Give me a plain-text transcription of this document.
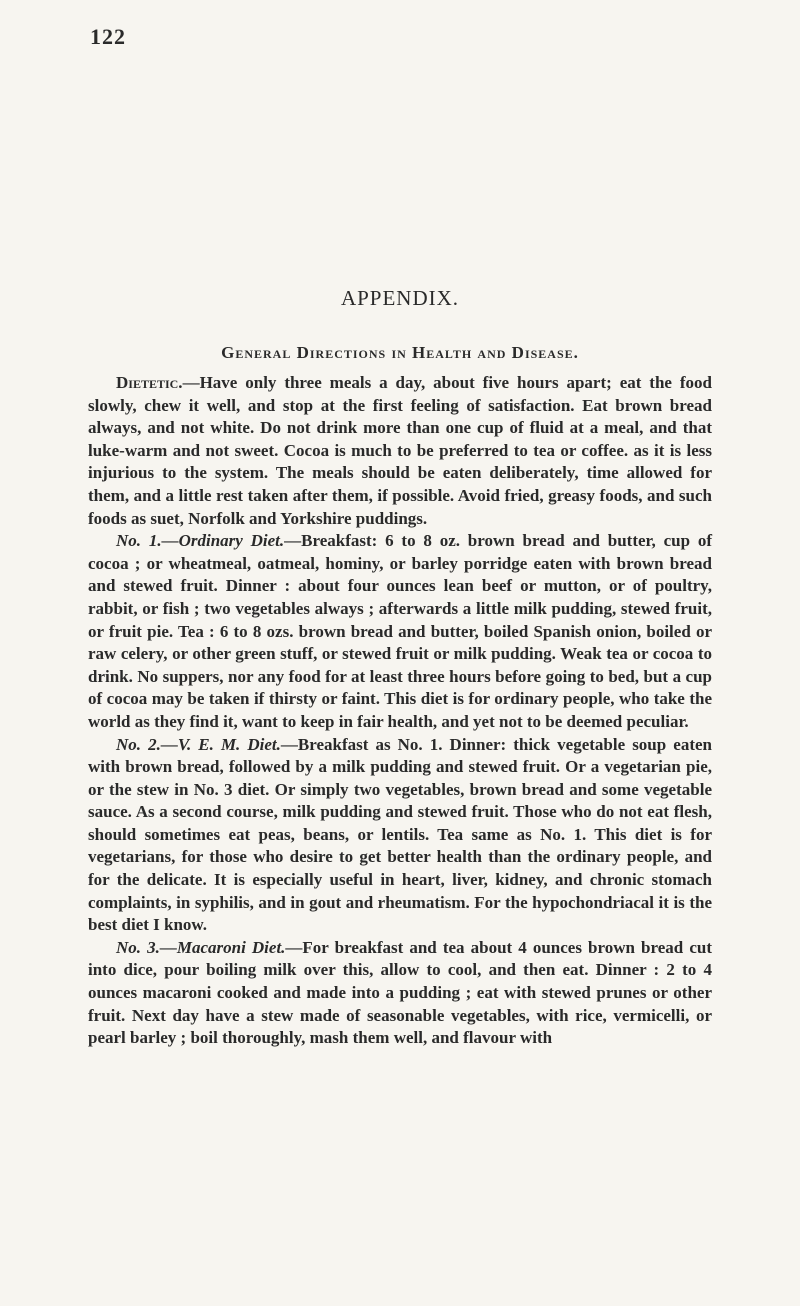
122
APPENDIX.
General Directions in Health and Disease.

Dietetic.—Have only three meals a day, about five hours apart; eat the food slowly, chew it well, and stop at the first feeling of satisfaction. Eat brown bread always, and not white. Do not drink more than one cup of fluid at a meal, and that luke-warm and not sweet. Cocoa is much to be preferred to tea or coffee. as it is less injurious to the system. The meals should be eaten deliberately, time allowed for them, and a little rest taken after them, if possible. Avoid fried, greasy foods, and such foods as suet, Norfolk and Yorkshire puddings.

No. 1.—Ordinary Diet.—Breakfast: 6 to 8 oz. brown bread and butter, cup of cocoa ; or wheatmeal, oatmeal, hominy, or barley porridge eaten with brown bread and stewed fruit. Dinner : about four ounces lean beef or mutton, or of poultry, rabbit, or fish ; two vegetables always ; afterwards a little milk pudding, stewed fruit, or fruit pie. Tea : 6 to 8 ozs. brown bread and butter, boiled Spanish onion, boiled or raw celery, or other green stuff, or stewed fruit or milk pudding. Weak tea or cocoa to drink. No suppers, nor any food for at least three hours before going to bed, but a cup of cocoa may be taken if thirsty or faint. This diet is for ordinary people, who take the world as they find it, want to keep in fair health, and yet not to be deemed peculiar.

No. 2.—V. E. M. Diet.—Breakfast as No. 1. Dinner: thick vegetable soup eaten with brown bread, followed by a milk pudding and stewed fruit. Or a vegetarian pie, or the stew in No. 3 diet. Or simply two vegetables, brown bread and some vegetable sauce. As a second course, milk pudding and stewed fruit. Those who do not eat flesh, should sometimes eat peas, beans, or lentils. Tea same as No. 1. This diet is for vegetarians, for those who desire to get better health than the ordinary people, and for the delicate. It is especially useful in heart, liver, kidney, and chronic stomach complaints, in syphilis, and in gout and rheumatism. For the hypochondriacal it is the best diet I know.

No. 3.—Macaroni Diet.—For breakfast and tea about 4 ounces brown bread cut into dice, pour boiling milk over this, allow to cool, and then eat. Dinner : 2 to 4 ounces macaroni cooked and made into a pudding ; eat with stewed prunes or other fruit. Next day have a stew made of seasonable vegetables, with rice, vermicelli, or pearl barley ; boil thoroughly, mash them well, and flavour with
